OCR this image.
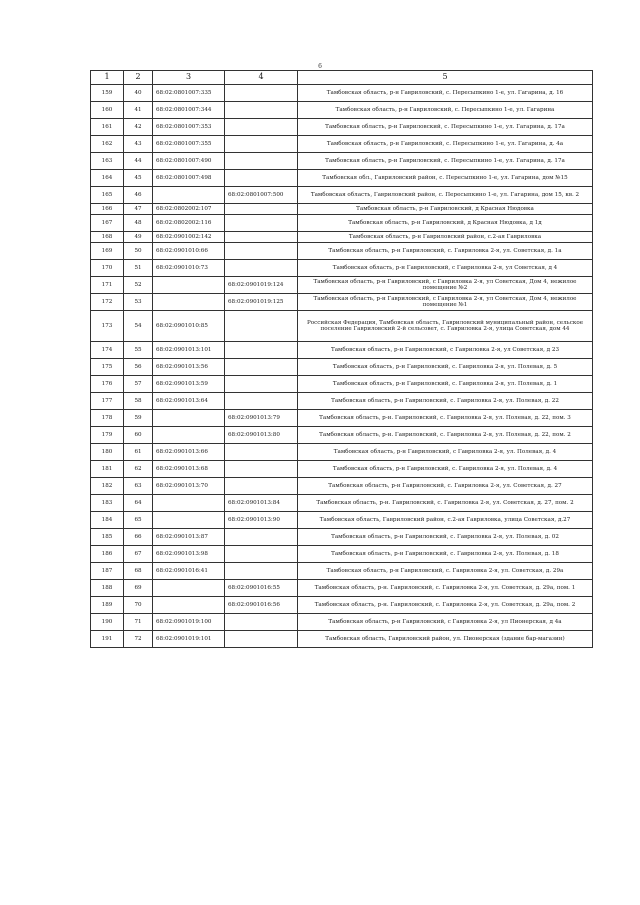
6
1	2	3	4	5
159	40	68:02:0801007:335		Тамбовская область, р-н Гавриловский, с. Пересыпкино 1-е, ул. Гагарина, д. 16
160	41	68:02:0801007:344		Тамбовская область, р-н Гавриловский, с. Пересыпкино 1-е, ул. Гагарина
161	42	68:02:0801007:353		Тамбовская область, р-н Гавриловский, с. Пересыпкино 1-е, ул. Гагарина, д. 17а
162	43	68:02:0801007:355		Тамбовская область, р-н Гавриловский, с. Пересыпкино 1-е, ул. Гагарина, д. 4а
163	44	68:02:0801007:490		Тамбовская область, р-н Гавриловский, с. Пересыпкино 1-е, ул. Гагарина, д. 17а
164	45	68:02:0801007:498		Тамбовская обл., Гавриловский район, с. Пересыпкино 1-е, ул. Гагарина, дом №15
165	46		68:02:0801007:500	Тамбовская область, Гавриловский район, с. Пересыпкино 1-е, ул. Гагарина, дом 15, кв. 2
166	47	68:02:0802002:107		Тамбовская область, р-н Гавриловский, д Красная Нюдовка
167	48	68:02:0802002:116		Тамбовская область, р-н Гавриловский, д Красная Нюдовка, д 1д
168	49	68:02:0901002:142		Тамбовская область, р-н Гавриловский район, с.2-ая Гавриловка
169	50	68:02:0901010:66		Тамбовская область, р-н Гавриловский, с. Гавриловка 2-я, ул. Советская, д. 1а
170	51	68:02:0901010:73		Тамбовская область, р-н Гавриловский, с Гавриловка 2-я, ул Советская, д 4
171	52		68:02:0901019:124	Тамбовская область, р-н Гавриловский, с Гавриловка 2-я, ул Советская, Дом 4, нежилое помещение №2
172	53		68:02:0901019:125	Тамбовская область, р-н Гавриловский, с Гавриловка 2-я, ул Советская, Дом 4, нежилое помещение №1
173	54	68:02:0901010:85		Российская Федерация, Тамбовская область, Гавриловский муниципальный район, сельское поселение Гавриловский 2-й сельсовет, с. Гавриловка 2-я, улица Советская, дом 44
174	55	68:02:0901013:101		Тамбовская область, р-н Гавриловский, с Гавриловка 2-я, ул Советская, д 23
175	56	68:02:0901013:56		Тамбовская область, р-н Гавриловский, с. Гавриловка 2-я, ул. Полевая, д. 5
176	57	68:02:0901013:59		Тамбовская область, р-н Гавриловский, с. Гавриловка 2-я, ул. Полевая, д. 1
177	58	68:02:0901013:64		Тамбовская область, р-н Гавриловский, с. Гавриловка 2-я, ул. Полевая, д. 22
178	59		68:02:0901013:79	Тамбовская область, р-н. Гавриловский, с. Гавриловка 2-я, ул. Полевая, д. 22, пом. 3
179	60		68:02:0901013:80	Тамбовская область, р-н. Гавриловский, с. Гавриловка 2-я, ул. Полевая, д. 22, пом. 2
180	61	68:02:0901013:66		Тамбовская область, р-н Гавриловский, с Гавриловка 2-я, ул. Полевая, д. 4
181	62	68:02:0901013:68		Тамбовская область, р-н Гавриловский, с. Гавриловка 2-я, ул. Полевая, д. 4
182	63	68:02:0901013:70		Тамбовская область, р-н Гавриловский, с. Гавриловка 2-я, ул. Советская, д. 27
183	64		68:02:0901013:84	Тамбовская область, р-н. Гавриловский, с. Гавриловка 2-я, ул. Советская, д. 27, пом. 2
184	65		68:02:0901013:90	Тамбовская область, Гавриловский район, с.2-ая Гавриловка, улица Советская, д.27
185	66	68:02:0901013:87		Тамбовская область, р-н Гавриловский, с. Гавриловка 2-я, ул. Полевая, д. 02
186	67	68:02:0901013:98		Тамбовская область, р-н Гавриловский, с. Гавриловка 2-я, ул. Полевая, д. 18
187	68	68:02:0901016:41		Тамбовская область, р-н Гавриловский, с. Гавриловка 2-я, ул. Советская, д. 29а
188	69		68:02:0901016:55	Тамбовская область, р-н. Гавриловский, с. Гавриловка 2-я, ул. Советская, д. 29а, пом. 1
189	70		68:02:0901016:56	Тамбовская область, р-н. Гавриловский, с. Гавриловка 2-я, ул. Советская, д. 29а, пом. 2
190	71	68:02:0901019:100		Тамбовская область, р-н Гавриловский, с Гавриловка 2-я, ул Пионерская, д 4а
191	72	68:02:0901019:101		Тамбовская область, Гавриловский район, ул. Пионерская (здание бар-магазин)
